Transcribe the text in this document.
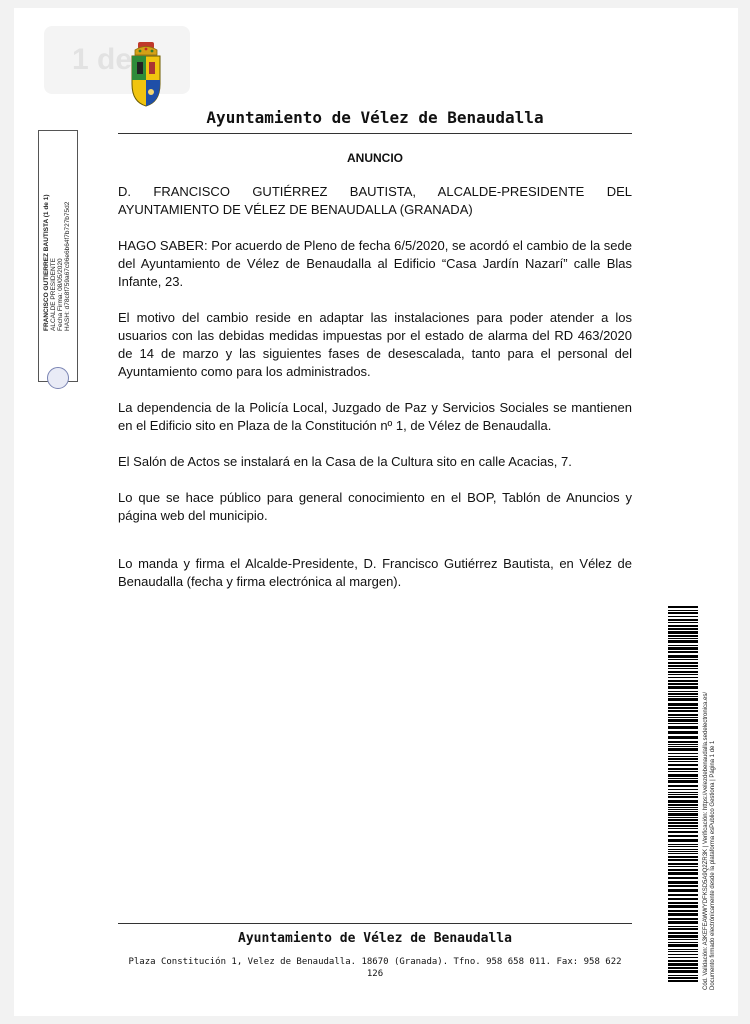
1 de
Ayuntamiento de Vélez de Benaudalla
ANUNCIO

D. FRANCISCO GUTIÉRREZ BAUTISTA, ALCALDE-PRESIDENTE DEL AYUNTAMIENTO DE VÉLEZ DE BENAUDALLA (GRANADA)

HAGO SABER: Por acuerdo de Pleno de fecha 6/5/2020, se acordó el cambio de la sede del Ayuntamiento de Vélez de Benaudalla al Edificio “Casa Jardín Nazarí” calle Blas Infante, 23.

El motivo del cambio reside en adaptar las instalaciones para poder atender a los usuarios con las debidas medidas impuestas por el estado de alarma del RD 463/2020 de 14 de marzo y las siguientes fases de desescalada, tanto para el personal del Ayuntamiento como para los administrados.

La dependencia de la Policía Local, Juzgado de Paz y Servicios Sociales se mantienen en el Edificio sito en Plaza de la Constitución nº 1, de Vélez de Benaudalla.

El Salón de Actos se instalará en la Casa de la Cultura sito en calle Acacias, 7.

Lo que se hace público para general conocimiento en el BOP, Tablón de Anuncios y página web del municipio.

Lo manda y firma el Alcalde-Presidente, D. Francisco Gutiérrez Bautista, en Vélez de Benaudalla (fecha y firma electrónica al margen).

FRANCISCO GUTIERREZ BAUTISTA (1 de 1) ALCALDE PRESIDENTE Fecha Firma: 08/05/2020 HASH: d78c8f759a67c96e6b64f7b727b75d2
Cód. Validación: A3KEFEAWWYDFKSD5A9Q2ZR3K | Verificación: https://velezdebenaudalla.sedelectronica.es/ Documento firmado electrónicamente desde la plataforma esPublico Gestiona | Página 1 de 1
Ayuntamiento de Vélez de Benaudalla
Plaza Constitución 1, Velez de Benaudalla. 18670 (Granada). Tfno. 958 658 011. Fax: 958 622 126
